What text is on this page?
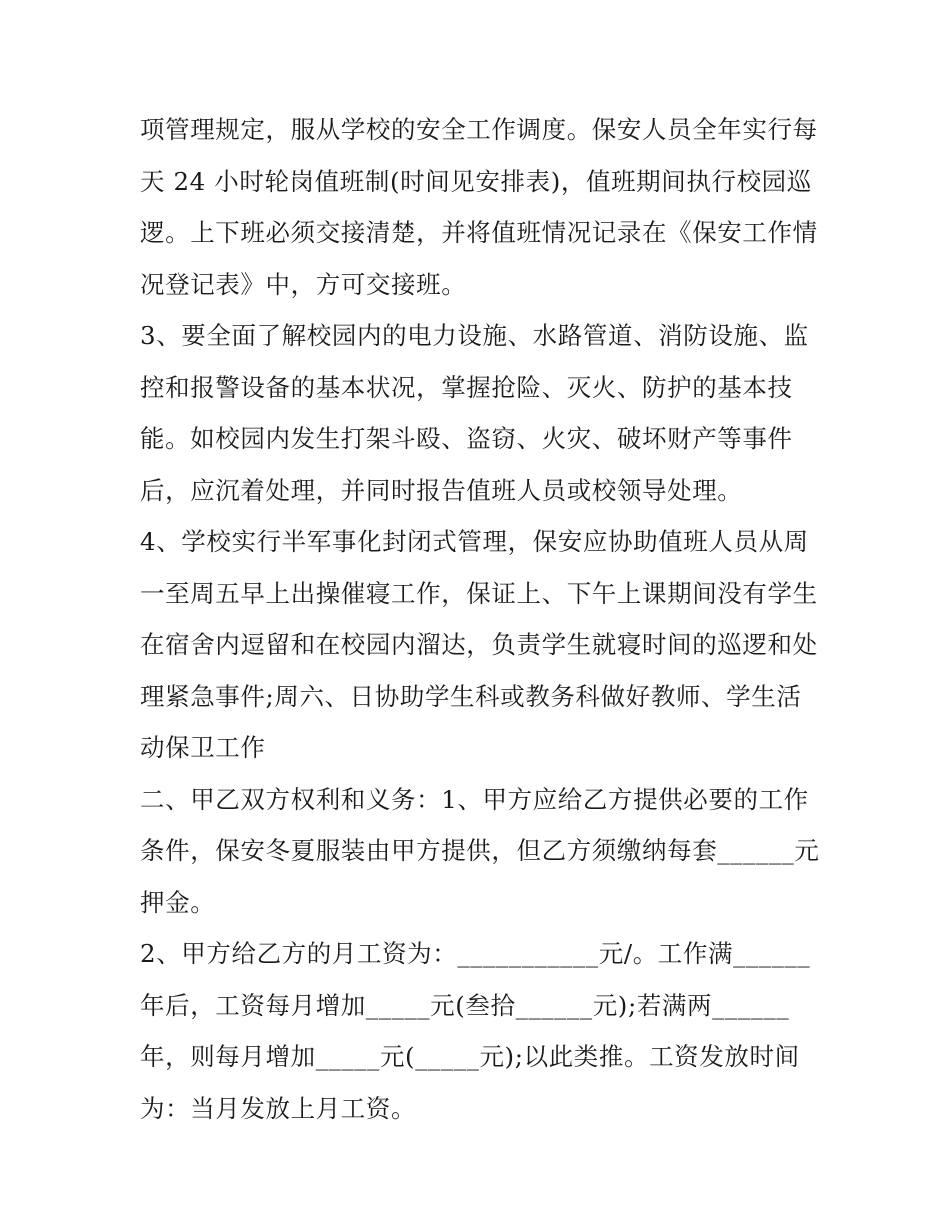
项管理规定，服从学校的安全工作调度。保安人员全年实行每
天 24 小时轮岗值班制(时间见安排表)，值班期间执行校园巡
逻。上下班必须交接清楚，并将值班情况记录在《保安工作情
况登记表》中，方可交接班。
3、要全面了解校园内的电力设施、水路管道、消防设施、监
控和报警设备的基本状况，掌握抢险、灭火、防护的基本技
能。如校园内发生打架斗殴、盗窃、火灾、破坏财产等事件
后，应沉着处理，并同时报告值班人员或校领导处理。
4、学校实行半军事化封闭式管理，保安应协助值班人员从周
一至周五早上出操催寝工作，保证上、下午上课期间没有学生
在宿舍内逗留和在校园内溜达，负责学生就寝时间的巡逻和处
理紧急事件;周六、日协助学生科或教务科做好教师、学生活
动保卫工作
二、甲乙双方权利和义务：1、甲方应给乙方提供必要的工作
条件，保安冬夏服装由甲方提供，但乙方须缴纳每套______元
押金。
2、甲方给乙方的月工资为：___________元/。工作满______
年后，工资每月增加_____元(叁拾______元);若满两______
年，则每月增加_____元(_____元);以此类推。工资发放时间
为：当月发放上月工资。
